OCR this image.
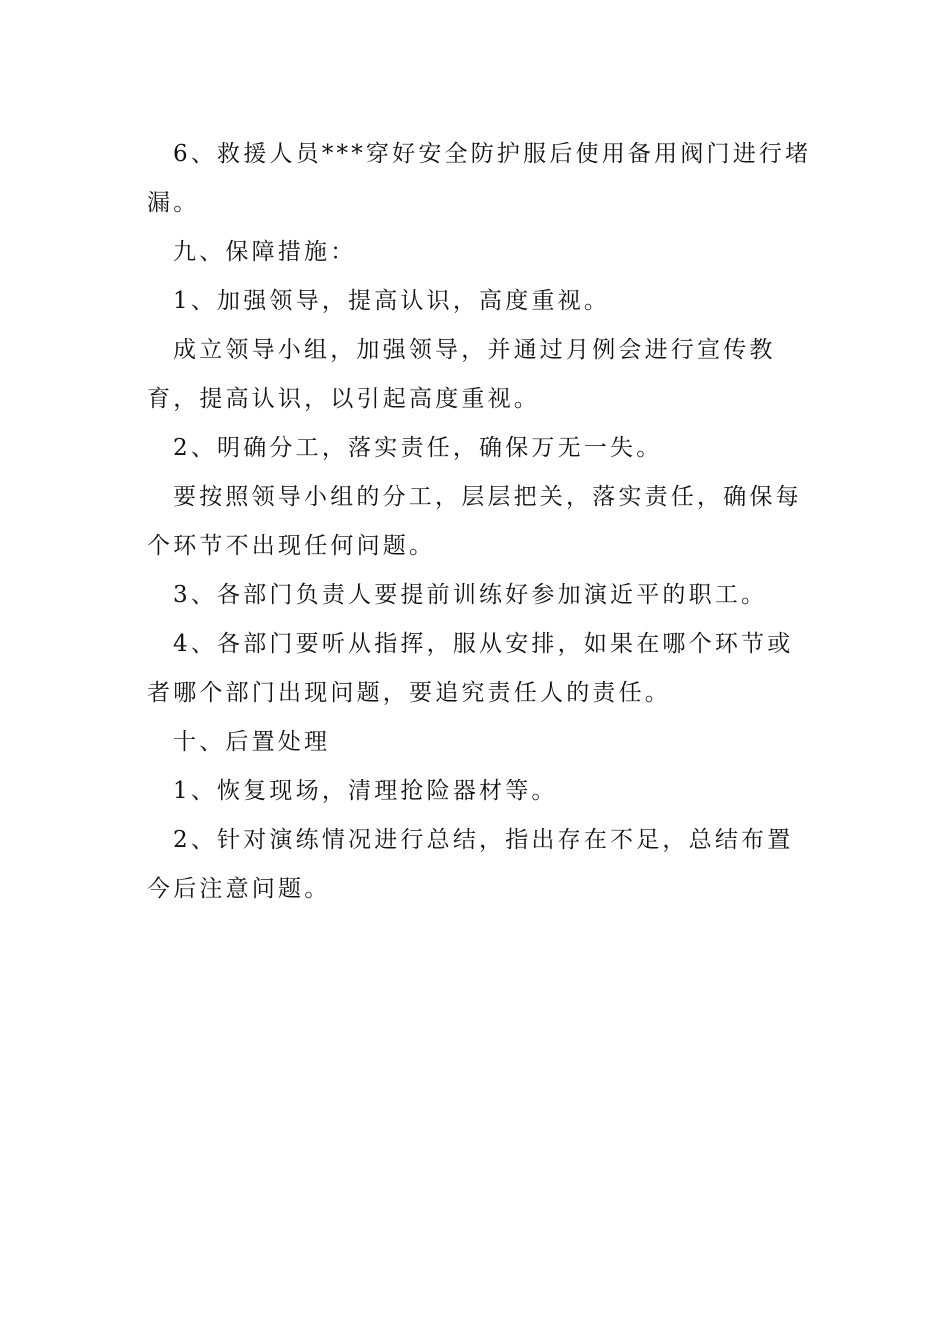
6、救援人员***穿好安全防护服后使用备用阀门进行堵漏。

九、保障措施：

1、加强领导，提高认识，高度重视。

成立领导小组，加强领导，并通过月例会进行宣传教育，提高认识，以引起高度重视。

2、明确分工，落实责任，确保万无一失。

要按照领导小组的分工，层层把关，落实责任，确保每个环节不出现任何问题。

3、各部门负责人要提前训练好参加演近平的职工。

4、各部门要听从指挥，服从安排，如果在哪个环节或者哪个部门出现问题，要追究责任人的责任。

十、后置处理

1、恢复现场，清理抢险器材等。

2、针对演练情况进行总结，指出存在不足，总结布置今后注意问题。
